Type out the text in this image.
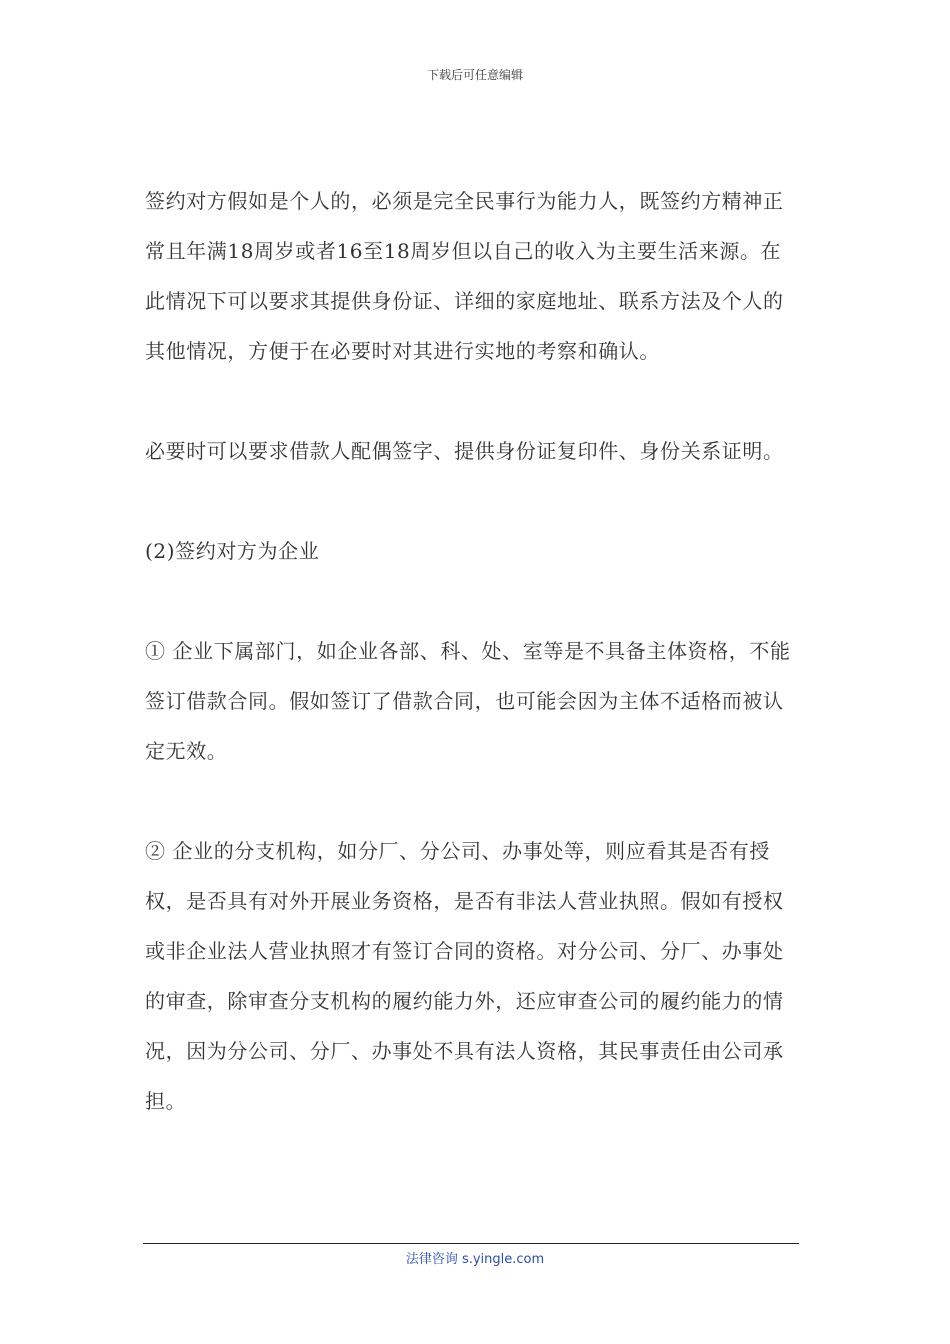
下载后可任意编辑

签约对方假如是个人的，必须是完全民事行为能力人，既签约方精神正常且年满18周岁或者16至18周岁但以自己的收入为主要生活来源。在此情况下可以要求其提供身份证、详细的家庭地址、联系方法及个人的其他情况，方便于在必要时对其进行实地的考察和确认。

必要时可以要求借款人配偶签字、提供身份证复印件、身份关系证明。

(2)签约对方为企业

① 企业下属部门，如企业各部、科、处、室等是不具备主体资格，不能签订借款合同。假如签订了借款合同，也可能会因为主体不适格而被认定无效。

② 企业的分支机构，如分厂、分公司、办事处等，则应看其是否有授权，是否具有对外开展业务资格，是否有非法人营业执照。假如有授权或非企业法人营业执照才有签订合同的资格。对分公司、分厂、办事处的审查，除审查分支机构的履约能力外，还应审查公司的履约能力的情况，因为分公司、分厂、办事处不具有法人资格，其民事责任由公司承担。

法律咨询 s.yingle.com
